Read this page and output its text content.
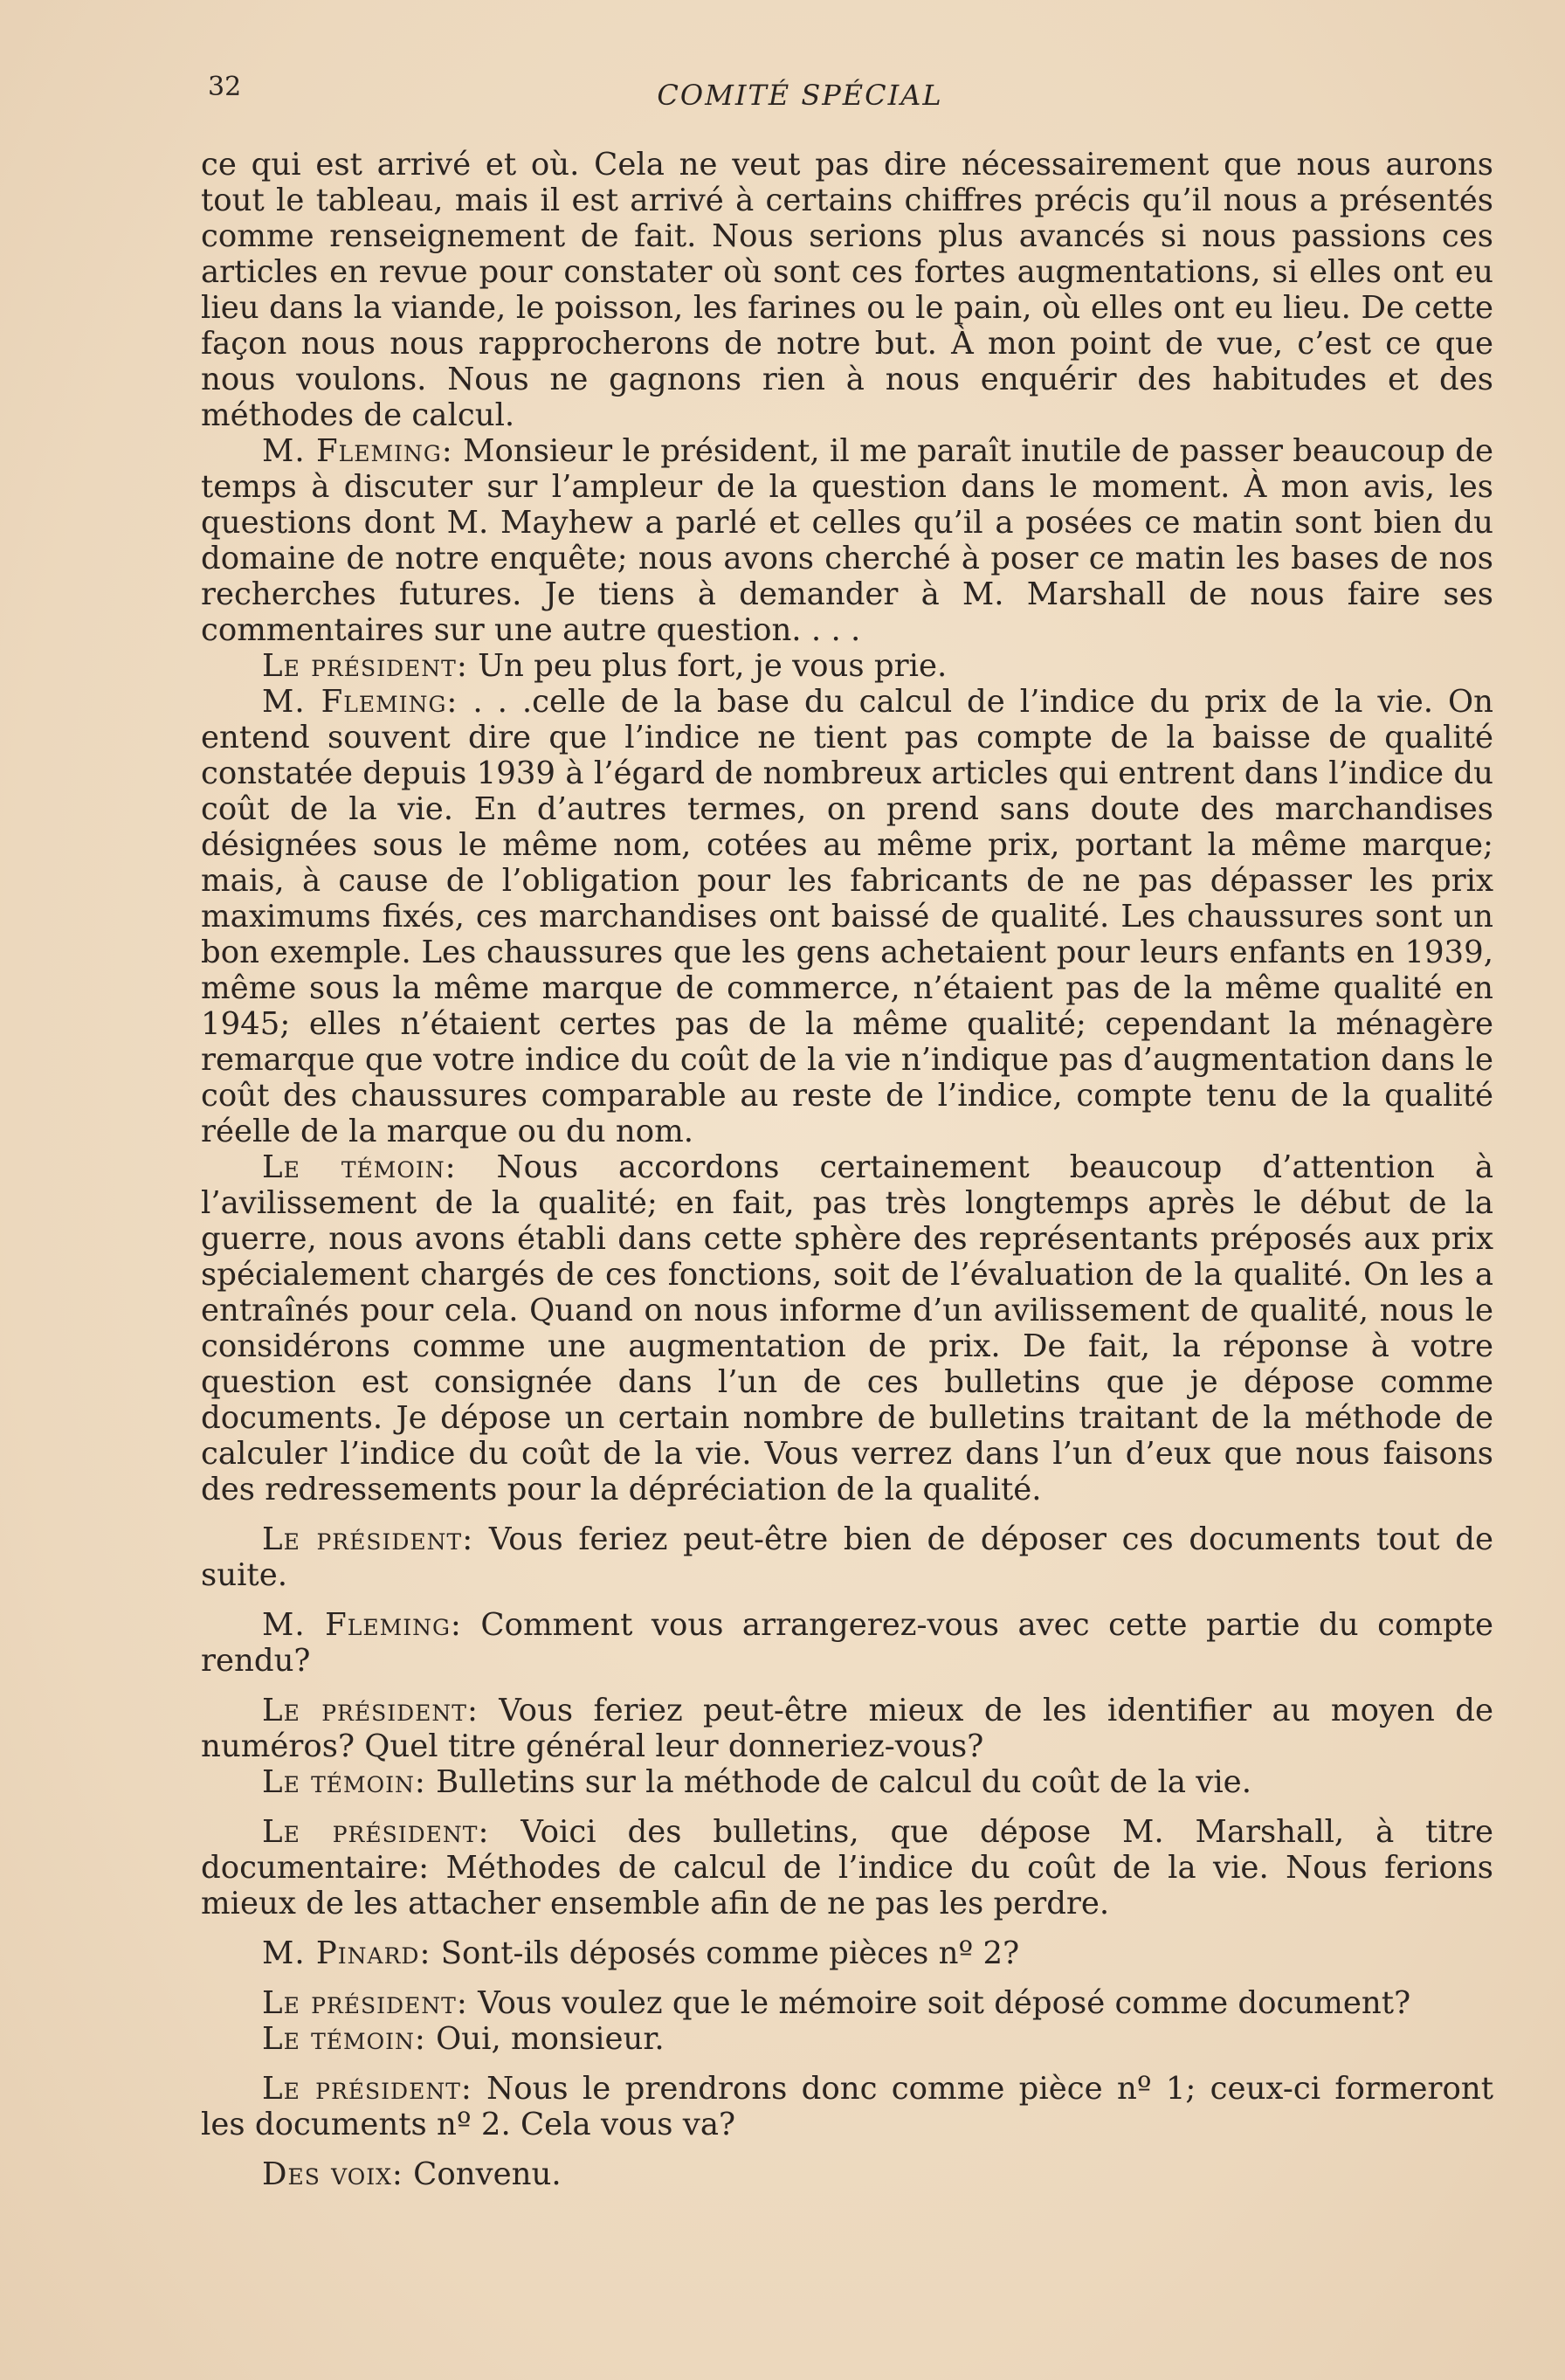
32	COMITÉ SPÉCIAL

ce qui est arrivé et où. Cela ne veut pas dire nécessairement que nous aurons tout le tableau, mais il est arrivé à certains chiffres précis qu’il nous a présentés comme renseignement de fait. Nous serions plus avancés si nous passions ces articles en revue pour constater où sont ces fortes augmentations, si elles ont eu lieu dans la viande, le poisson, les farines ou le pain, où elles ont eu lieu. De cette façon nous nous rapprocherons de notre but. À mon point de vue, c’est ce que nous voulons. Nous ne gagnons rien à nous enquérir des habitudes et des méthodes de calcul.

M. Fleming: Monsieur le président, il me paraît inutile de passer beaucoup de temps à discuter sur l’ampleur de la question dans le moment. À mon avis, les questions dont M. Mayhew a parlé et celles qu’il a posées ce matin sont bien du domaine de notre enquête; nous avons cherché à poser ce matin les bases de nos recherches futures. Je tiens à demander à M. Marshall de nous faire ses commentaires sur une autre question. . . .

Le président: Un peu plus fort, je vous prie.

M. Fleming: . . .celle de la base du calcul de l’indice du prix de la vie. On entend souvent dire que l’indice ne tient pas compte de la baisse de qualité constatée depuis 1939 à l’égard de nombreux articles qui entrent dans l’indice du coût de la vie. En d’autres termes, on prend sans doute des marchandises désignées sous le même nom, cotées au même prix, portant la même marque; mais, à cause de l’obligation pour les fabricants de ne pas dépasser les prix maximums fixés, ces marchandises ont baissé de qualité. Les chaussures sont un bon exemple. Les chaussures que les gens achetaient pour leurs enfants en 1939, même sous la même marque de commerce, n’étaient pas de la même qualité en 1945; elles n’étaient certes pas de la même qualité; cependant la ménagère remarque que votre indice du coût de la vie n’indique pas d’augmentation dans le coût des chaussures comparable au reste de l’indice, compte tenu de la qualité réelle de la marque ou du nom.

Le témoin: Nous accordons certainement beaucoup d’attention à l’avilissement de la qualité; en fait, pas très longtemps après le début de la guerre, nous avons établi dans cette sphère des représentants préposés aux prix spécialement chargés de ces fonctions, soit de l’évaluation de la qualité. On les a entraînés pour cela. Quand on nous informe d’un avilissement de qualité, nous le considérons comme une augmentation de prix. De fait, la réponse à votre question est consignée dans l’un de ces bulletins que je dépose comme documents. Je dépose un certain nombre de bulletins traitant de la méthode de calculer l’indice du coût de la vie. Vous verrez dans l’un d’eux que nous faisons des redressements pour la dépréciation de la qualité.

Le président: Vous feriez peut-être bien de déposer ces documents tout de suite.

M. Fleming: Comment vous arrangerez-vous avec cette partie du compte rendu?

Le président: Vous feriez peut-être mieux de les identifier au moyen de numéros? Quel titre général leur donneriez-vous?

Le témoin: Bulletins sur la méthode de calcul du coût de la vie.

Le président: Voici des bulletins, que dépose M. Marshall, à titre documentaire: Méthodes de calcul de l’indice du coût de la vie. Nous ferions mieux de les attacher ensemble afin de ne pas les perdre.

M. Pinard: Sont-ils déposés comme pièces nº 2?

Le président: Vous voulez que le mémoire soit déposé comme document?

Le témoin: Oui, monsieur.

Le président: Nous le prendrons donc comme pièce nº 1; ceux-ci formeront les documents nº 2. Cela vous va?

Des voix: Convenu.
